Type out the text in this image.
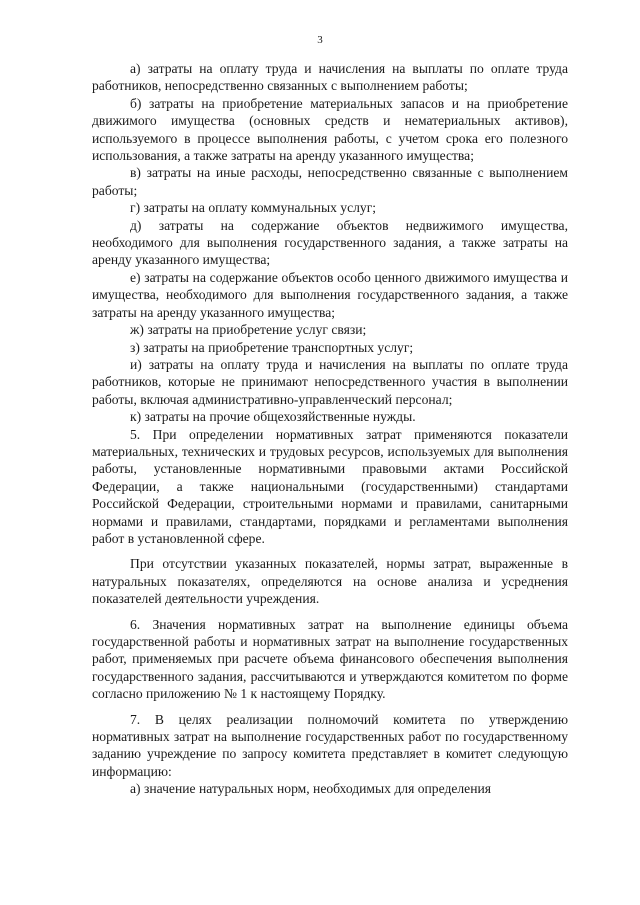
3

а) затраты на оплату труда и начисления на выплаты по оплате труда работников, непосредственно связанных с выполнением работы;

б) затраты на приобретение материальных запасов и на приобретение движимого имущества (основных средств и нематериальных активов), используемого в процессе выполнения работы, с учетом срока его полезного использования, а также затраты на аренду указанного имущества;

в) затраты на иные расходы, непосредственно связанные с выполнением работы;

г) затраты на оплату коммунальных услуг;

д) затраты на содержание объектов недвижимого имущества, необходимого для выполнения государственного задания, а также затраты на аренду указанного имущества;

е) затраты на содержание объектов особо ценного движимого имущества и имущества, необходимого для выполнения государственного задания, а также затраты на аренду указанного имущества;

ж) затраты на приобретение услуг связи;

з) затраты на приобретение транспортных услуг;

и) затраты на оплату труда и начисления на выплаты по оплате труда работников, которые не принимают непосредственного участия в выполнении работы, включая административно-управленческий персонал;

к) затраты на прочие общехозяйственные нужды.

5. При определении нормативных затрат применяются показатели материальных, технических и трудовых ресурсов, используемых для выполнения работы, установленные нормативными правовыми актами Российской Федерации, а также национальными (государственными) стандартами Российской Федерации, строительными нормами и правилами, санитарными нормами и правилами, стандартами, порядками и регламентами выполнения работ в установленной сфере.

При отсутствии указанных показателей, нормы затрат, выраженные в натуральных показателях, определяются на основе анализа и усреднения показателей деятельности учреждения.

6. Значения нормативных затрат на выполнение единицы объема государственной работы и нормативных затрат на выполнение государственных работ, применяемых при расчете объема финансового обеспечения выполнения государственного задания, рассчитываются и утверждаются комитетом по форме согласно приложению № 1 к настоящему Порядку.

7. В целях реализации полномочий комитета по утверждению нормативных затрат на выполнение государственных работ по государственному заданию учреждение по запросу комитета представляет в комитет следующую информацию:

а) значение натуральных норм, необходимых для определения
